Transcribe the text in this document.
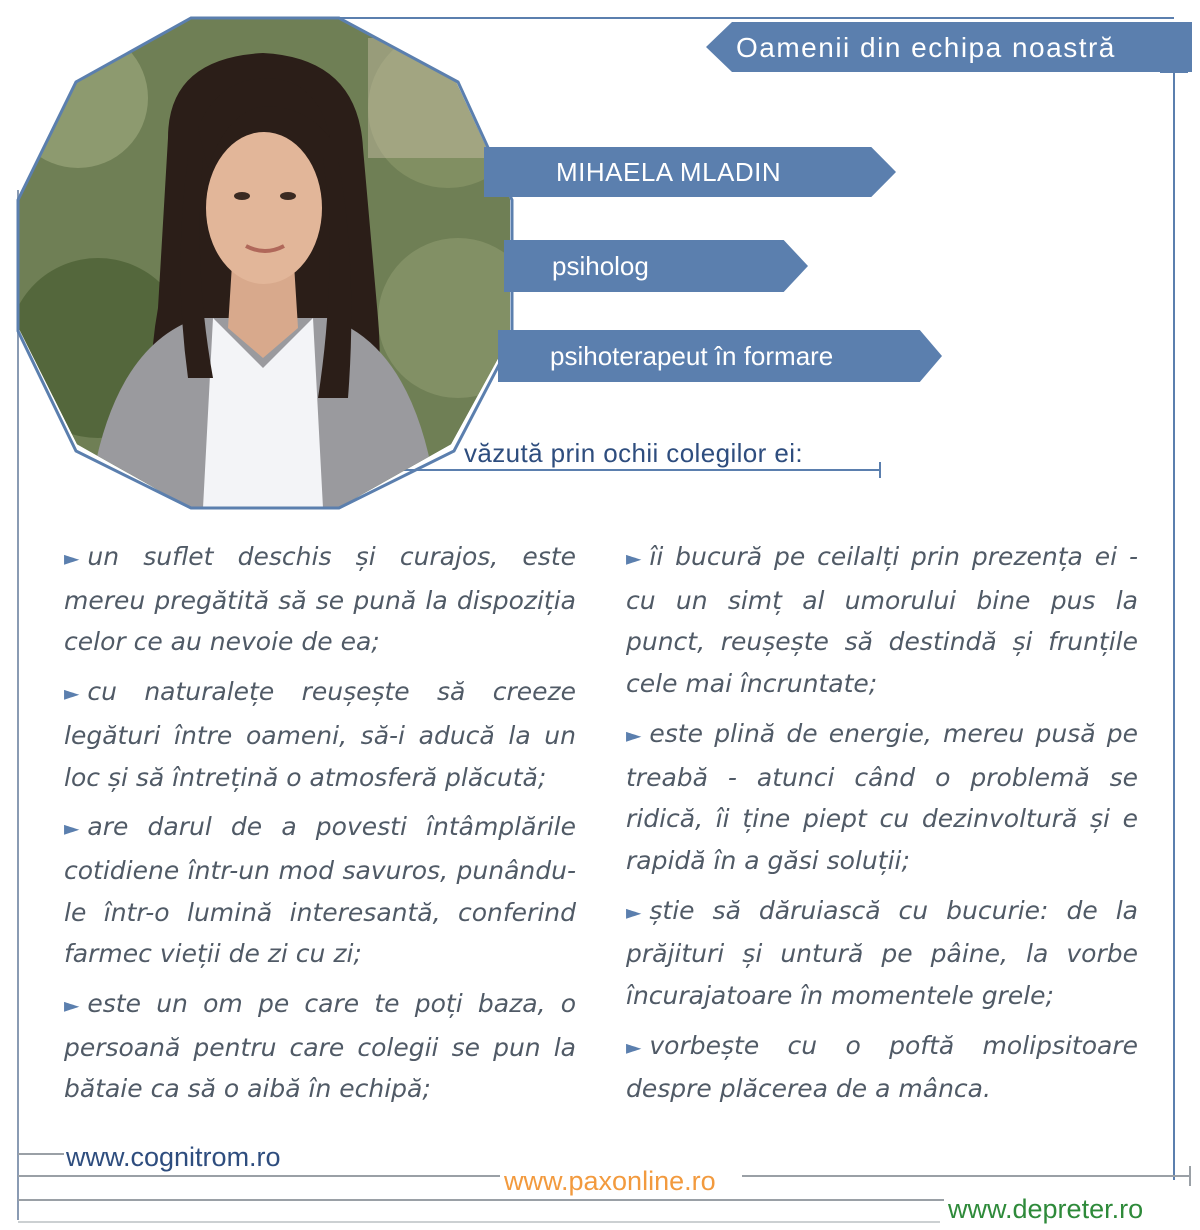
Oamenii din echipa noastră
MIHAELA MLADIN
psiholog
psihoterapeut în formare
văzută prin ochii colegilor ei:

► un suflet deschis și curajos, este mereu pregătită să se pună la dispoziția celor ce au nevoie de ea;

► cu naturalețe reușește să creeze legături între oameni, să-i aducă la un loc și să întrețină o atmosferă plăcută;

► are darul de a povesti întâmplările cotidiene într-un mod savuros, punându-le într-o lumină interesantă, conferind farmec vieții de zi cu zi;

► este un om pe care te poți baza, o persoană pentru care colegii se pun la bătaie ca să o aibă în echipă;

► îi bucură pe ceilalți prin prezența ei - cu un simț al umorului bine pus la punct, reușește să destindă și frunțile cele mai încruntate;

► este plină de energie, mereu pusă pe treabă - atunci când o problemă se ridică, îi ține piept cu dezinvoltură și e rapidă în a găsi soluții;

► știe să dăruiască cu bucurie: de la prăjituri și untură pe pâine, la vorbe încurajatoare în momentele grele;

► vorbește cu o poftă molipsitoare despre plăcerea de a mânca.

www.cognitrom.ro
www.paxonline.ro
www.depreter.ro
